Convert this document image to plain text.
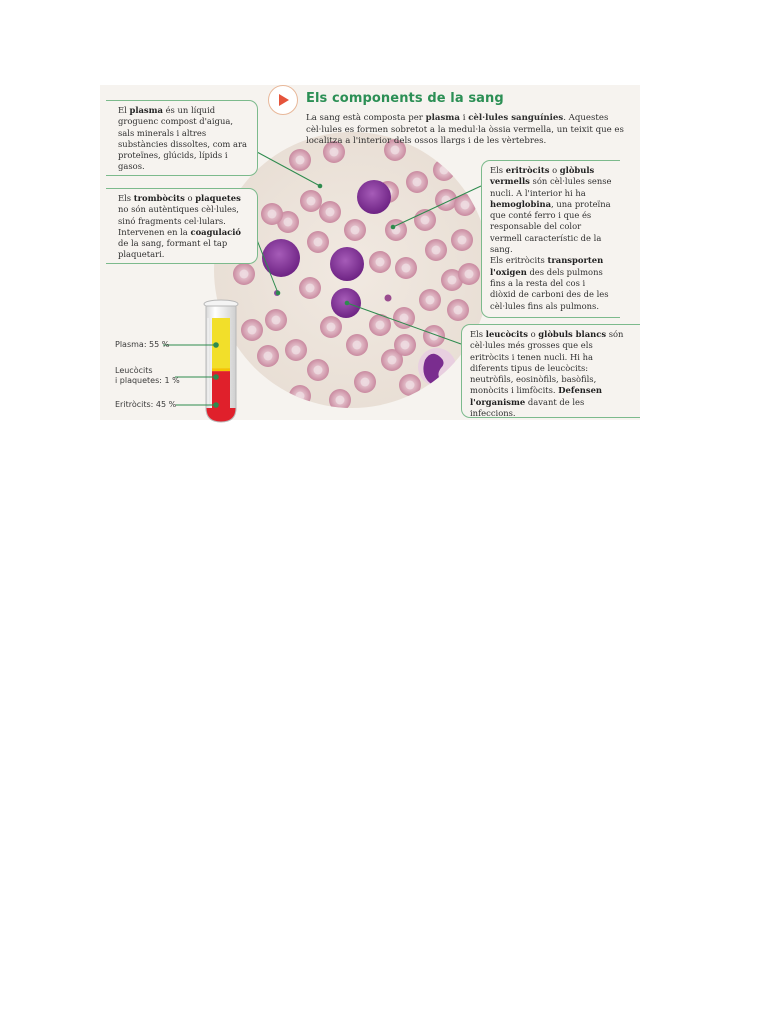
Els components de la sang

La sang està composta per plasma i cèl·lules sanguínies. Aquestes cèl·lules es formen sobretot a la medul·la òssia vermella, un teixit que es localitza a l'interior dels ossos llargs i de les vèrtebres.

El plasma és un líquid groguenc compost d'aigua, sals minerals i altres substàncies dissoltes, com ara proteïnes, glúcids, lípids i gasos.

Els trombòcits o plaquetes no són autèntiques cèl·lules, sinó fragments cel·lulars. Intervenen en la coagulació de la sang, formant el tap plaquetari.

Els eritròcits o glòbuls vermells són cèl·lules sense nucli. A l'interior hi ha hemoglobina, una proteïna que conté ferro i que és responsable del color vermell característic de la sang.

Els eritròcits transporten l'oxigen des dels pulmons fins a la resta del cos i diòxid de carboni des de les cèl·lules fins als pulmons.

Els leucòcits o glòbuls blancs són cèl·lules més grosses que els eritròcits i tenen nucli. Hi ha diferents tipus de leucòcits: neutròfils, eosinòfils, basòfils, monòcits i limfòcits. Defensen l'organisme davant de les infeccions.

Plasma: 55 %
Leucòcits
i plaquetes: 1 %
Eritròcits: 45 %
